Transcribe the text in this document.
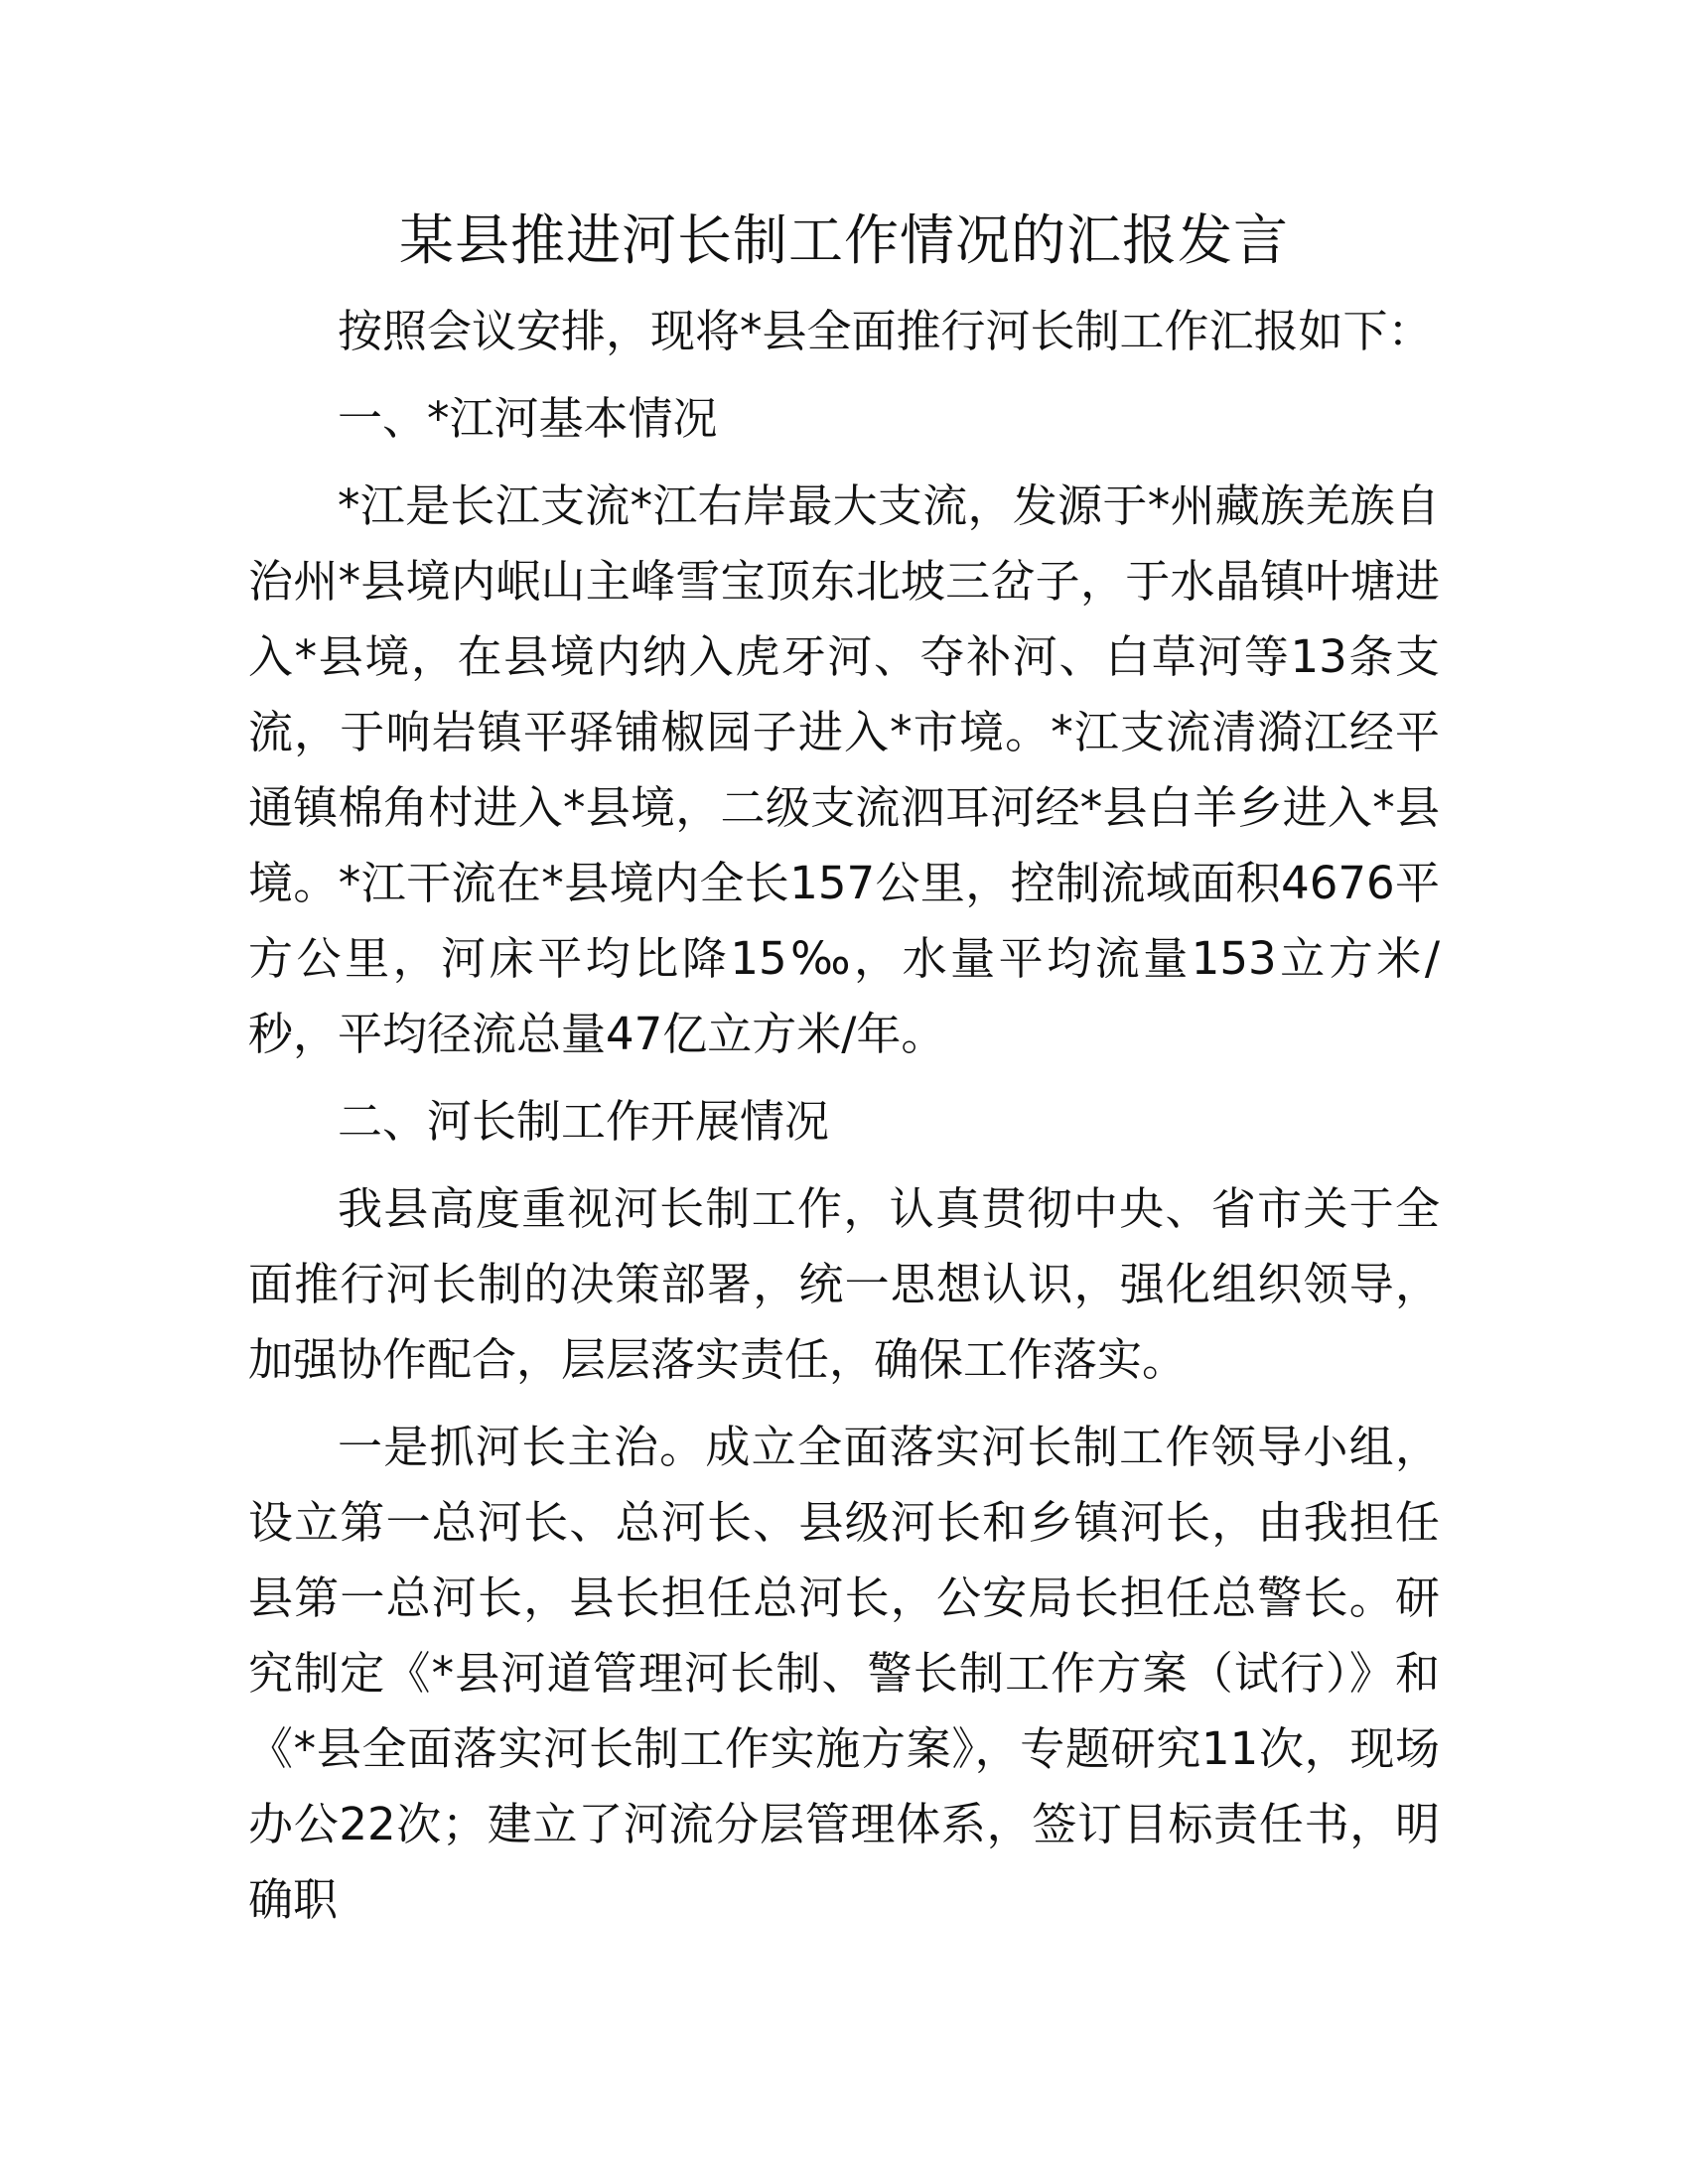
某县推进河长制工作情况的汇报发言

按照会议安排，现将*县全面推行河长制工作汇报如下：

一、*江河基本情况

*江是长江支流*江右岸最大支流，发源于*州藏族羌族自治州*县境内岷山主峰雪宝顶东北坡三岔子，于水晶镇叶塘进入*县境，在县境内纳入虎牙河、夺补河、白草河等13条支流，于响岩镇平驿铺椒园子进入*市境。*江支流清漪江经平通镇棉角村进入*县境，二级支流泗耳河经*县白羊乡进入*县境。*江干流在*县境内全长157公里，控制流域面积4676平方公里，河床平均比降15‰，水量平均流量153立方米/秒，平均径流总量47亿立方米/年。

二、河长制工作开展情况

我县高度重视河长制工作，认真贯彻中央、省市关于全面推行河长制的决策部署，统一思想认识，强化组织领导，加强协作配合，层层落实责任，确保工作落实。

一是抓河长主治。成立全面落实河长制工作领导小组，设立第一总河长、总河长、县级河长和乡镇河长，由我担任县第一总河长，县长担任总河长，公安局长担任总警长。研究制定《*县河道管理河长制、警长制工作方案（试行）》和《*县全面落实河长制工作实施方案》，专题研究11次，现场办公22次；建立了河流分层管理体系，签订目标责任书，明确职
